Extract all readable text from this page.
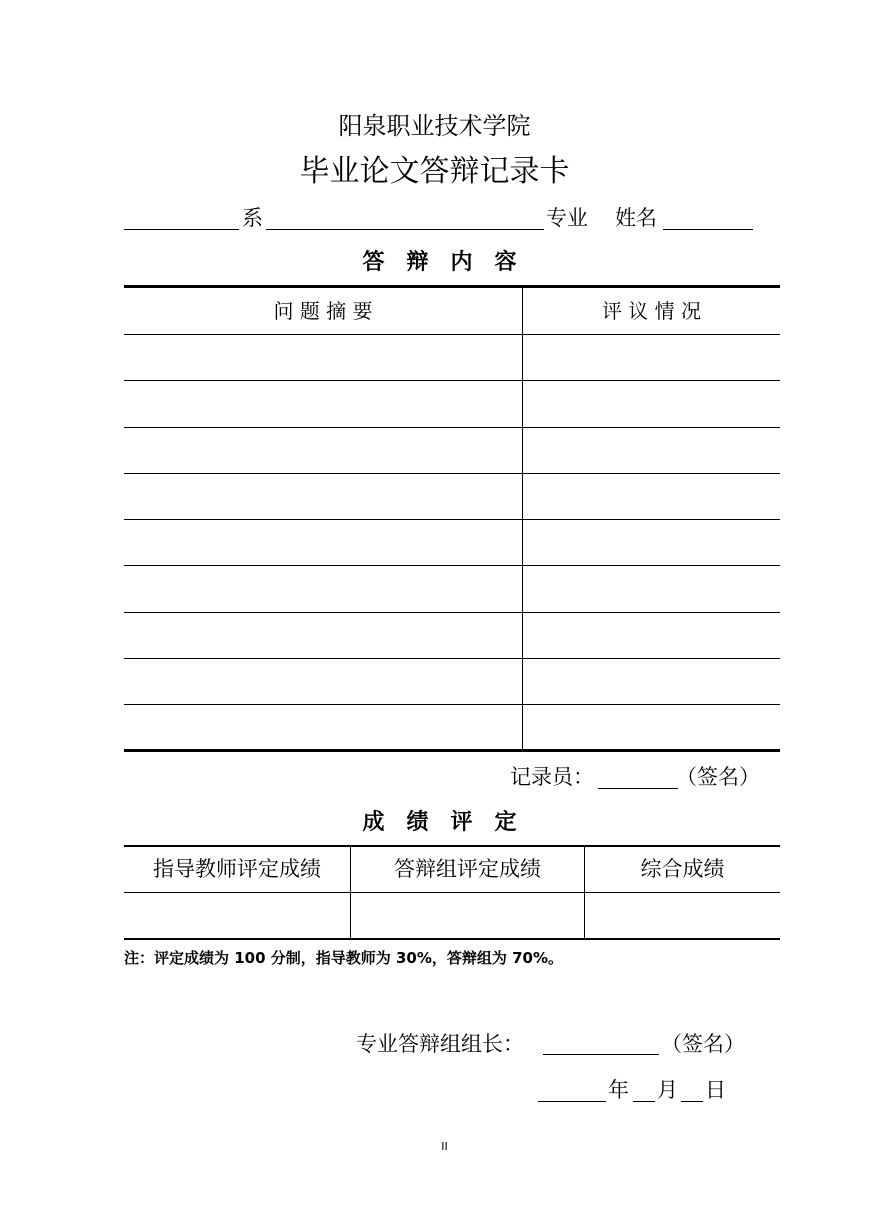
阳泉职业技术学院
毕业论文答辩记录卡
系	专业 姓名
答　辩　内　容
问 题 摘 要	评 议 情 况
记录员：	（签名）
成　绩　评　定
指导教师评定成绩	答辩组评定成绩	综合成绩
注：评定成绩为 100 分制，指导教师为 30%，答辩组为 70%。
专业答辩组组长：	（签名）
年 月 日
II
